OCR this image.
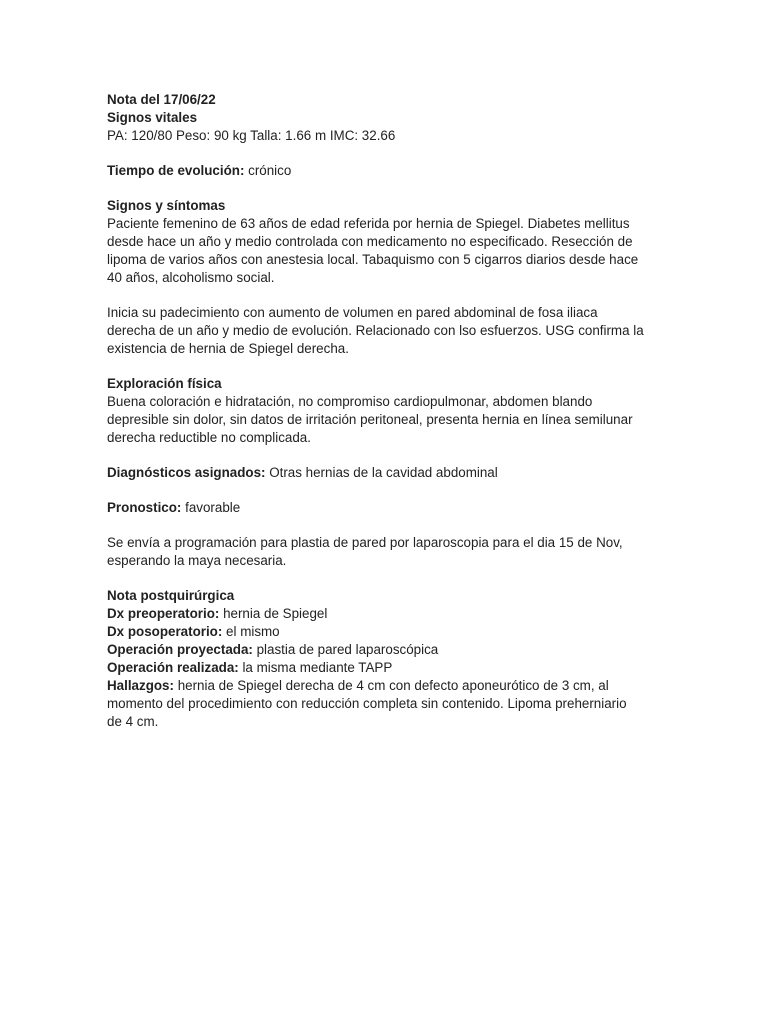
Nota del 17/06/22
Signos vitales
PA: 120/80 Peso: 90 kg Talla: 1.66 m IMC: 32.66
Tiempo de evolución: crónico
Signos y síntomas
Paciente femenino de 63 años de edad referida por hernia de Spiegel. Diabetes mellitus
desde hace un año y medio controlada con medicamento no especificado. Resección de
lipoma de varios años con anestesia local. Tabaquismo con 5 cigarros diarios desde hace
40 años, alcoholismo social.
Inicia su padecimiento con aumento de volumen en pared abdominal de fosa iliaca
derecha de un año y medio de evolución. Relacionado con lso esfuerzos. USG confirma la
existencia de hernia de Spiegel derecha.
Exploración física
Buena coloración e hidratación, no compromiso cardiopulmonar, abdomen blando
depresible sin dolor, sin datos de irritación peritoneal, presenta hernia en línea semilunar
derecha reductible no complicada.
Diagnósticos asignados: Otras hernias de la cavidad abdominal
Pronostico: favorable
Se envía a programación para plastia de pared por laparoscopia para el dia 15 de Nov,
esperando la maya necesaria.
Nota postquirúrgica
Dx preoperatorio: hernia de Spiegel
Dx posoperatorio: el mismo
Operación proyectada: plastia de pared laparoscópica
Operación realizada: la misma mediante TAPP
Hallazgos: hernia de Spiegel derecha de 4 cm con defecto aponeurótico de 3 cm, al
momento del procedimiento con reducción completa sin contenido. Lipoma preherniario
de 4 cm.
